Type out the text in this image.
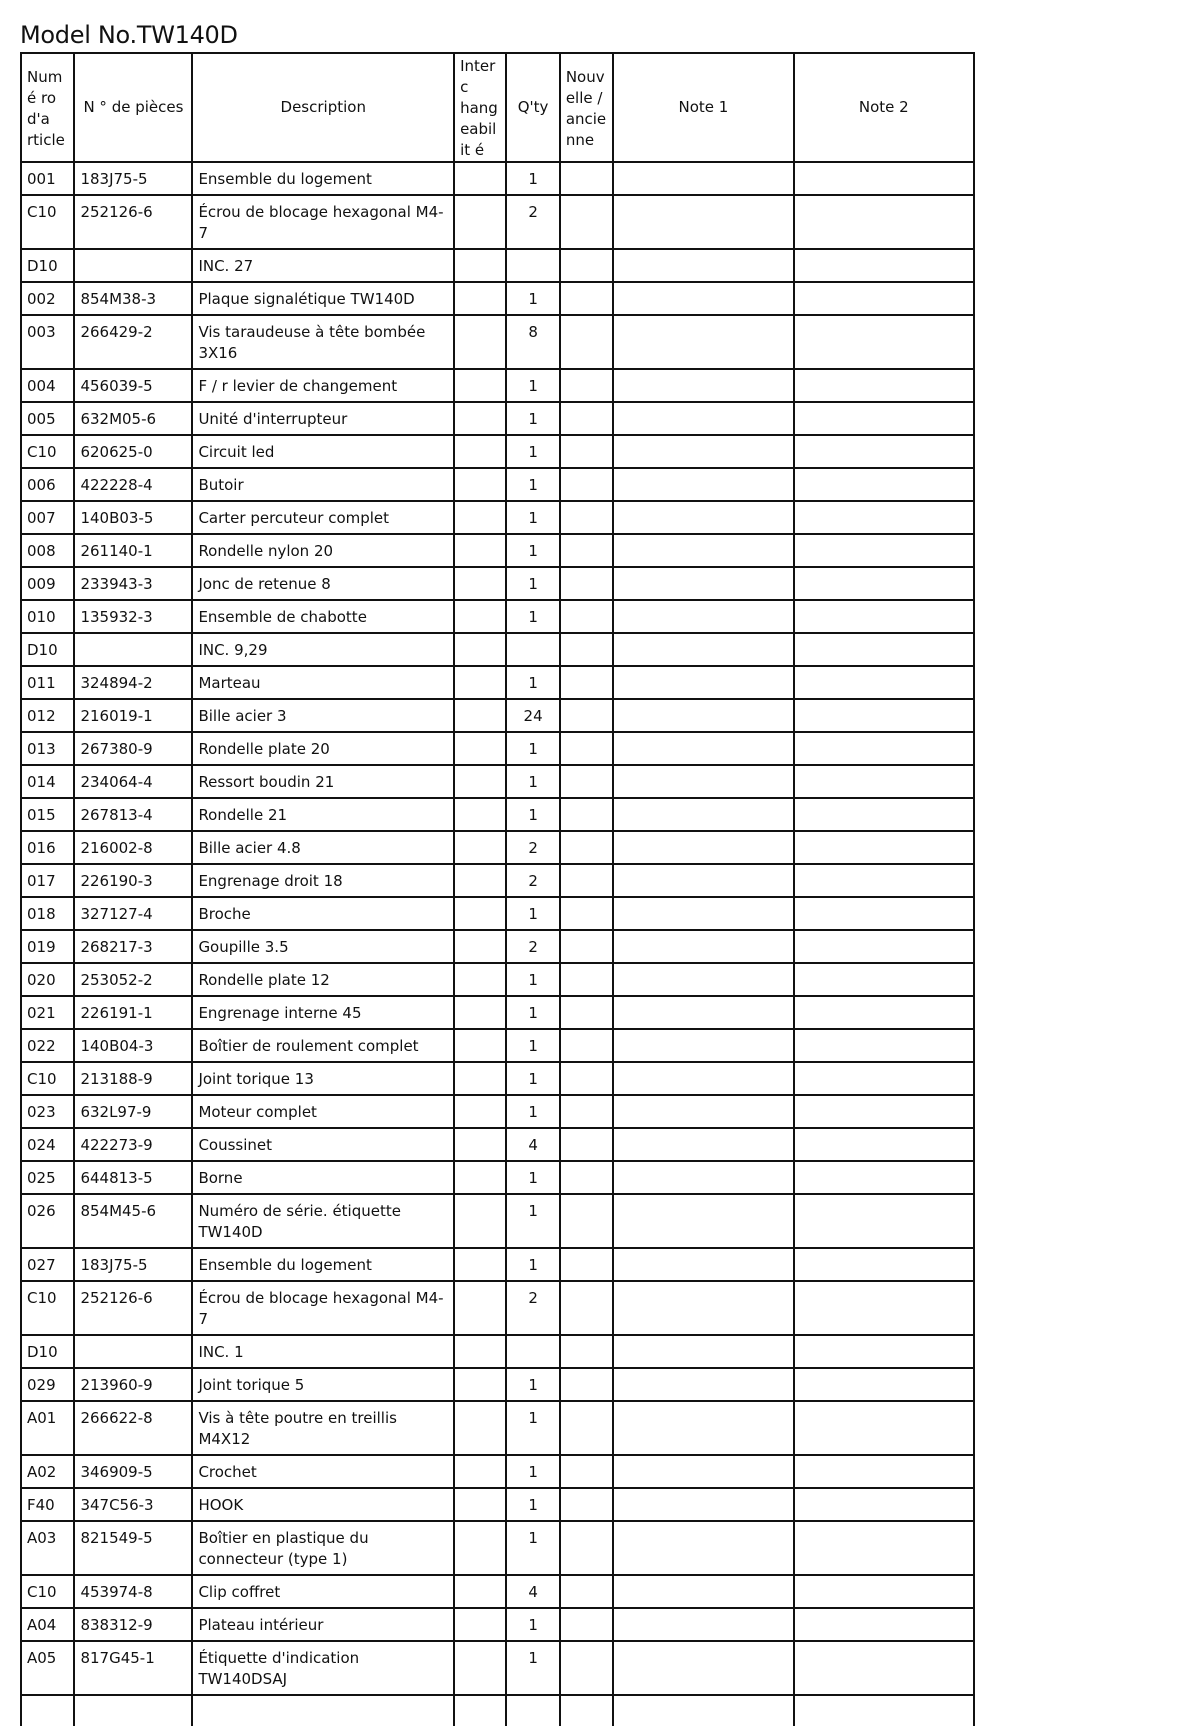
Model No.TW140D
Numé ro d'a rticle	N ° de pièces	Description	Interc hang eabilit é	Q'ty	Nouv elle / ancie nne	Note 1	Note 2
001	183J75-5	Ensemble du logement		1			
C10	252126-6	Écrou de blocage hexagonal M4-7		2			
D10		INC. 27					
002	854M38-3	Plaque signalétique TW140D		1			
003	266429-2	Vis taraudeuse à tête bombée 3X16		8			
004	456039-5	F / r levier de changement		1			
005	632M05-6	Unité d'interrupteur		1			
C10	620625-0	Circuit led		1			
006	422228-4	Butoir		1			
007	140B03-5	Carter percuteur complet		1			
008	261140-1	Rondelle nylon 20		1			
009	233943-3	Jonc de retenue 8		1			
010	135932-3	Ensemble de chabotte		1			
D10		INC. 9,29					
011	324894-2	Marteau		1			
012	216019-1	Bille acier 3		24			
013	267380-9	Rondelle plate 20		1			
014	234064-4	Ressort boudin 21		1			
015	267813-4	Rondelle 21		1			
016	216002-8	Bille acier 4.8		2			
017	226190-3	Engrenage droit 18		2			
018	327127-4	Broche		1			
019	268217-3	Goupille 3.5		2			
020	253052-2	Rondelle plate 12		1			
021	226191-1	Engrenage interne 45		1			
022	140B04-3	Boîtier de roulement complet		1			
C10	213188-9	Joint torique 13		1			
023	632L97-9	Moteur complet		1			
024	422273-9	Coussinet		4			
025	644813-5	Borne		1			
026	854M45-6	Numéro de série. étiquette TW140D		1			
027	183J75-5	Ensemble du logement		1			
C10	252126-6	Écrou de blocage hexagonal M4-7		2			
D10		INC. 1					
029	213960-9	Joint torique 5		1			
A01	266622-8	Vis à tête poutre en treillis M4X12		1			
A02	346909-5	Crochet		1			
F40	347C56-3	HOOK		1			
A03	821549-5	Boîtier en plastique du connecteur (type 1)		1			
C10	453974-8	Clip coffret		4			
A04	838312-9	Plateau intérieur		1			
A05	817G45-1	Étiquette d'indication TW140DSAJ		1			
